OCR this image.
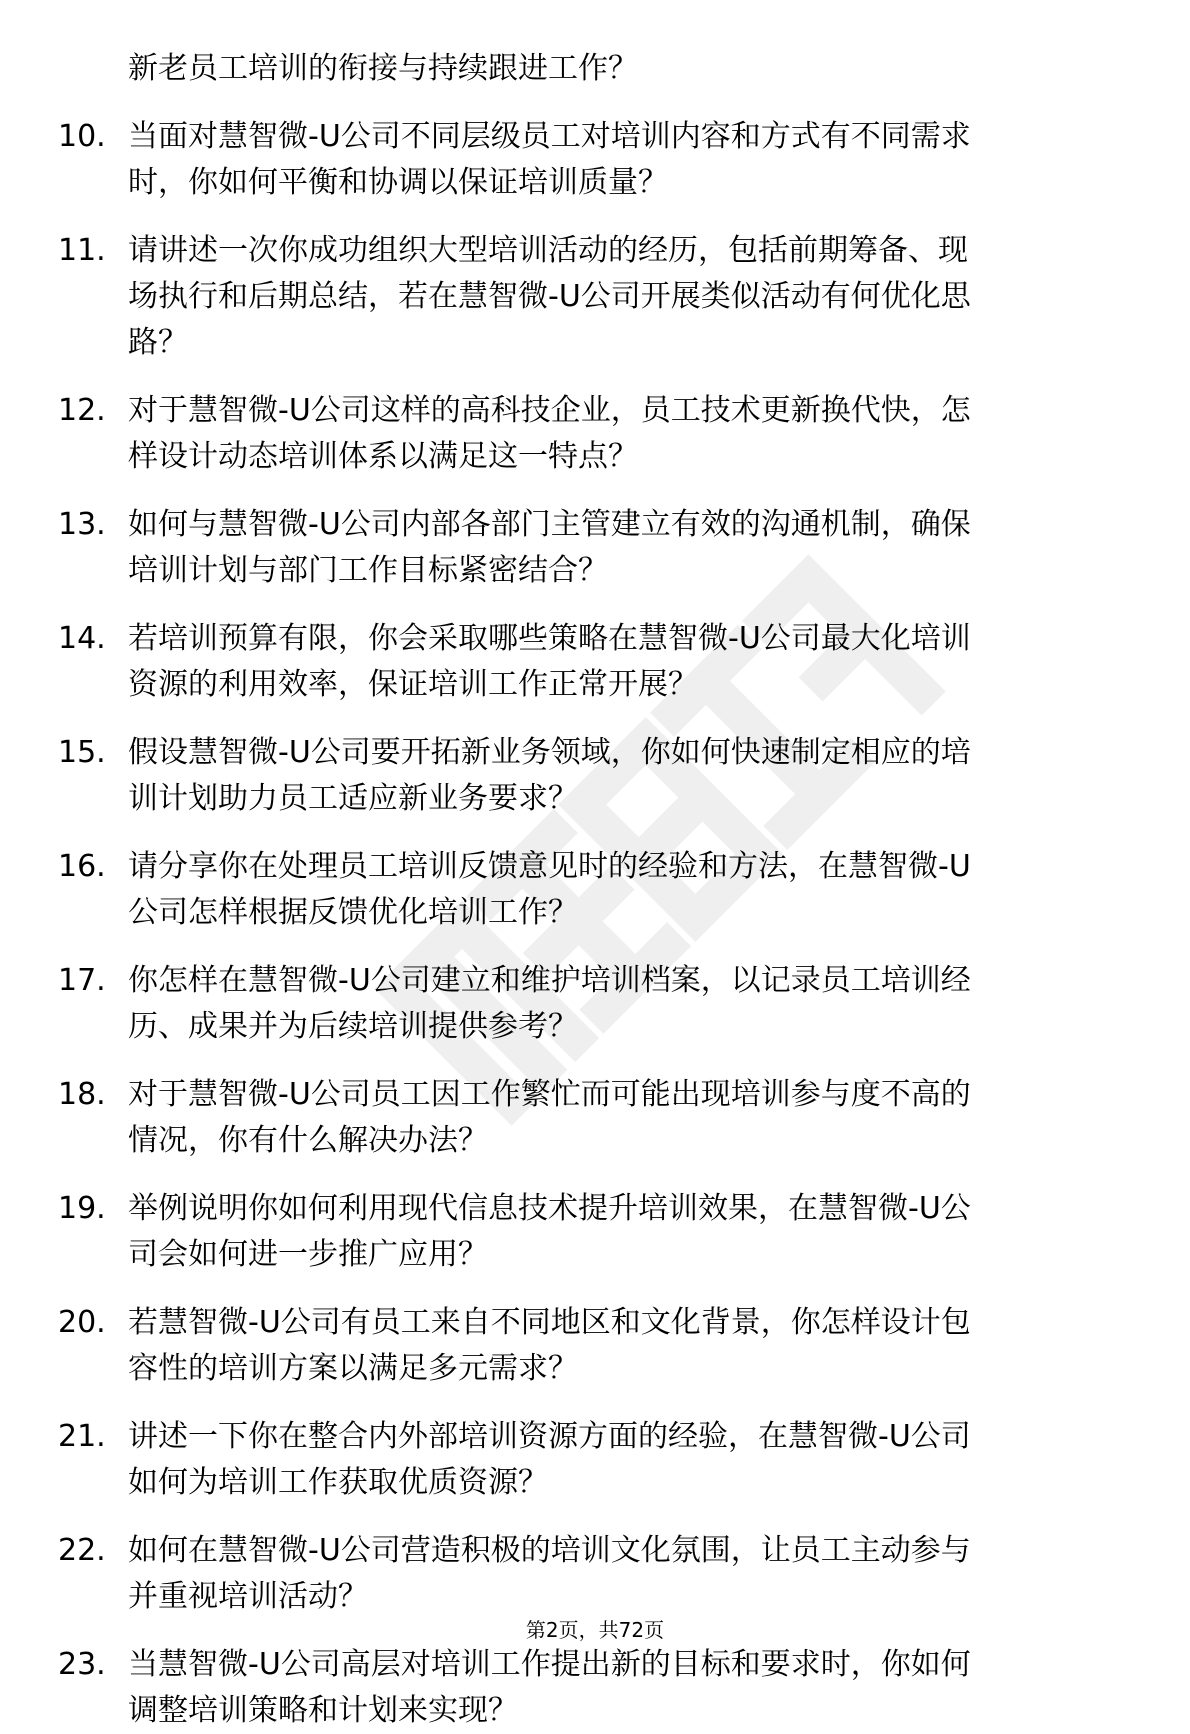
新老员工培训的衔接与持续跟进工作？
10. 当面对慧智微-U公司不同层级员工对培训内容和方式有不同需求
时，你如何平衡和协调以保证培训质量？
11. 请讲述一次你成功组织大型培训活动的经历，包括前期筹备、现
场执行和后期总结，若在慧智微-U公司开展类似活动有何优化思
路？
12. 对于慧智微-U公司这样的高科技企业，员工技术更新换代快，怎
样设计动态培训体系以满足这一特点？
13. 如何与慧智微-U公司内部各部门主管建立有效的沟通机制，确保
培训计划与部门工作目标紧密结合？
14. 若培训预算有限，你会采取哪些策略在慧智微-U公司最大化培训
资源的利用效率，保证培训工作正常开展？
15. 假设慧智微-U公司要开拓新业务领域，你如何快速制定相应的培
训计划助力员工适应新业务要求？
16. 请分享你在处理员工培训反馈意见时的经验和方法，在慧智微-U
公司怎样根据反馈优化培训工作？
17. 你怎样在慧智微-U公司建立和维护培训档案，以记录员工培训经
历、成果并为后续培训提供参考？
18. 对于慧智微-U公司员工因工作繁忙而可能出现培训参与度不高的
情况，你有什么解决办法？
19. 举例说明你如何利用现代信息技术提升培训效果，在慧智微-U公
司会如何进一步推广应用？
20. 若慧智微-U公司有员工来自不同地区和文化背景，你怎样设计包
容性的培训方案以满足多元需求？
21. 讲述一下你在整合内外部培训资源方面的经验，在慧智微-U公司
如何为培训工作获取优质资源？
22. 如何在慧智微-U公司营造积极的培训文化氛围，让员工主动参与
并重视培训活动？
23. 当慧智微-U公司高层对培训工作提出新的目标和要求时，你如何
调整培训策略和计划来实现？
第2页，共72页
